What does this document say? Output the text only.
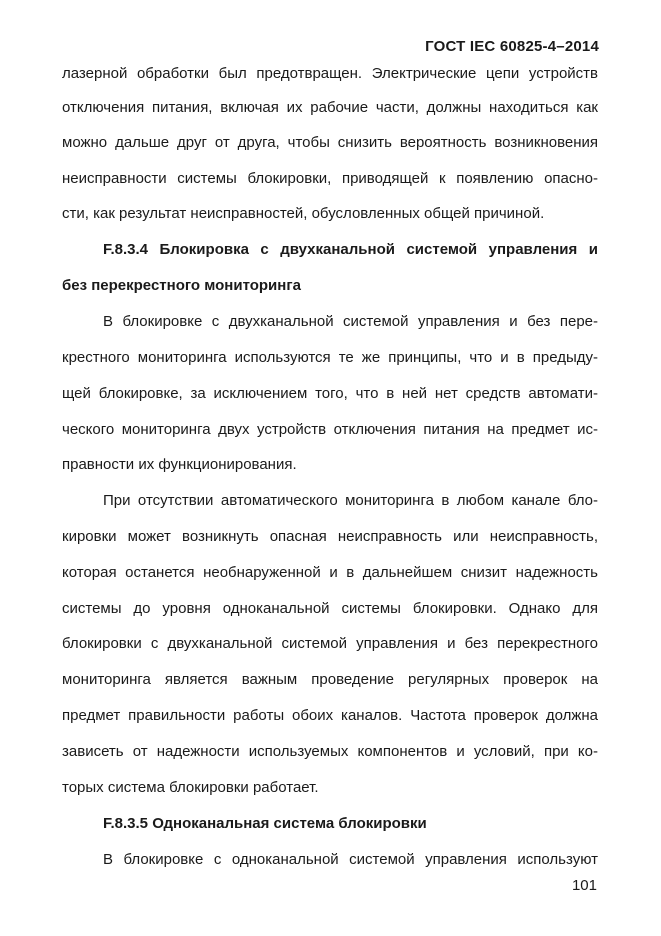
ГОСТ IEC 60825-4–2014
лазерной обработки был предотвращен. Электрические цепи устройств
отключения питания, включая их рабочие части, должны находиться как
можно дальше друг от друга, чтобы снизить вероятность возникновения
неисправности системы блокировки, приводящей к появлению опасно-
сти, как результат неисправностей, обусловленных общей причиной.
F.8.3.4 Блокировка с двухканальной системой управления и
без перекрестного мониторинга
В блокировке с двухканальной системой управления и без пере-
крестного мониторинга используются те же принципы, что и в предыду-
щей блокировке, за исключением того, что в ней нет средств автомати-
ческого мониторинга двух устройств отключения питания на предмет ис-
правности их функционирования.
При отсутствии автоматического мониторинга в любом канале бло-
кировки может возникнуть опасная неисправность или неисправность,
которая останется необнаруженной и в дальнейшем снизит надежность
системы до уровня одноканальной системы блокировки. Однако для
блокировки с двухканальной системой управления и без перекрестного
мониторинга является важным проведение регулярных проверок на
предмет правильности работы обоих каналов. Частота проверок должна
зависеть от надежности используемых компонентов и условий, при ко-
торых система блокировки работает.
F.8.3.5 Одноканальная система блокировки
В блокировке с одноканальной системой управления используют
101
